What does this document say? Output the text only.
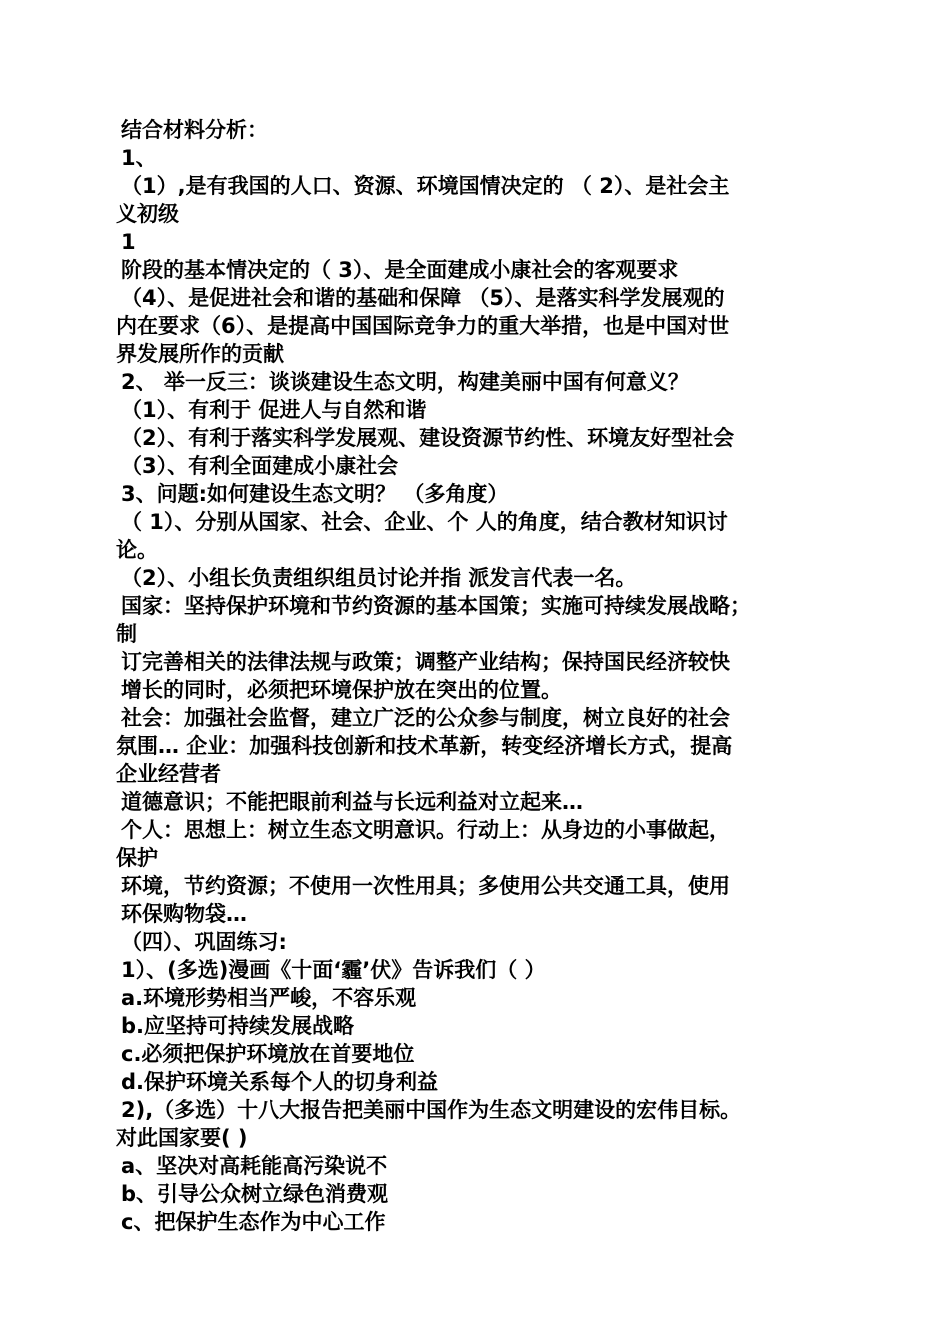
结合材料分析：
1、
（1）,是有我国的人口、资源、环境国情决定的 （ 2）、是社会主
义初级
1
阶段的基本情决定的（ 3）、是全面建成小康社会的客观要求
（4）、是促进社会和谐的基础和保障 （5）、是落实科学发展观的
内在要求（6）、是提高中国国际竞争力的重大举措，也是中国对世
界发展所作的贡献
2、 举一反三：谈谈建设生态文明，构建美丽中国有何意义？
（1）、有利于 促进人与自然和谐
（2）、有利于落实科学发展观、建设资源节约性、环境友好型社会
（3）、有利全面建成小康社会
3、问题:如何建设生态文明？ （多角度）
（ 1）、分别从国家、社会、企业、个 人的角度，结合教材知识讨
论。
（2）、小组长负责组织组员讨论并指 派发言代表一名。
国家：坚持保护环境和节约资源的基本国策；实施可持续发展战略；
制
订完善相关的法律法规与政策；调整产业结构；保持国民经济较快
增长的同时，必须把环境保护放在突出的位置。
社会：加强社会监督，建立广泛的公众参与制度，树立良好的社会
氛围… 企业：加强科技创新和技术革新，转变经济增长方式，提高
企业经营者
道德意识；不能把眼前利益与长远利益对立起来…
个人：思想上：树立生态文明意识。行动上：从身边的小事做起，
保护
环境，节约资源；不使用一次性用具；多使用公共交通工具，使用
环保购物袋…
（四）、巩固练习:
1）、(多选)漫画《十面‘霾’伏》告诉我们（ ）
a.环境形势相当严峻，不容乐观
b.应坚持可持续发展战略
c.必须把保护环境放在首要地位
d.保护环境关系每个人的切身利益
2),（多选）十八大报告把美丽中国作为生态文明建设的宏伟目标。
对此国家要( )
a、坚决对高耗能高污染说不
b、引导公众树立绿色消费观
c、把保护生态作为中心工作
